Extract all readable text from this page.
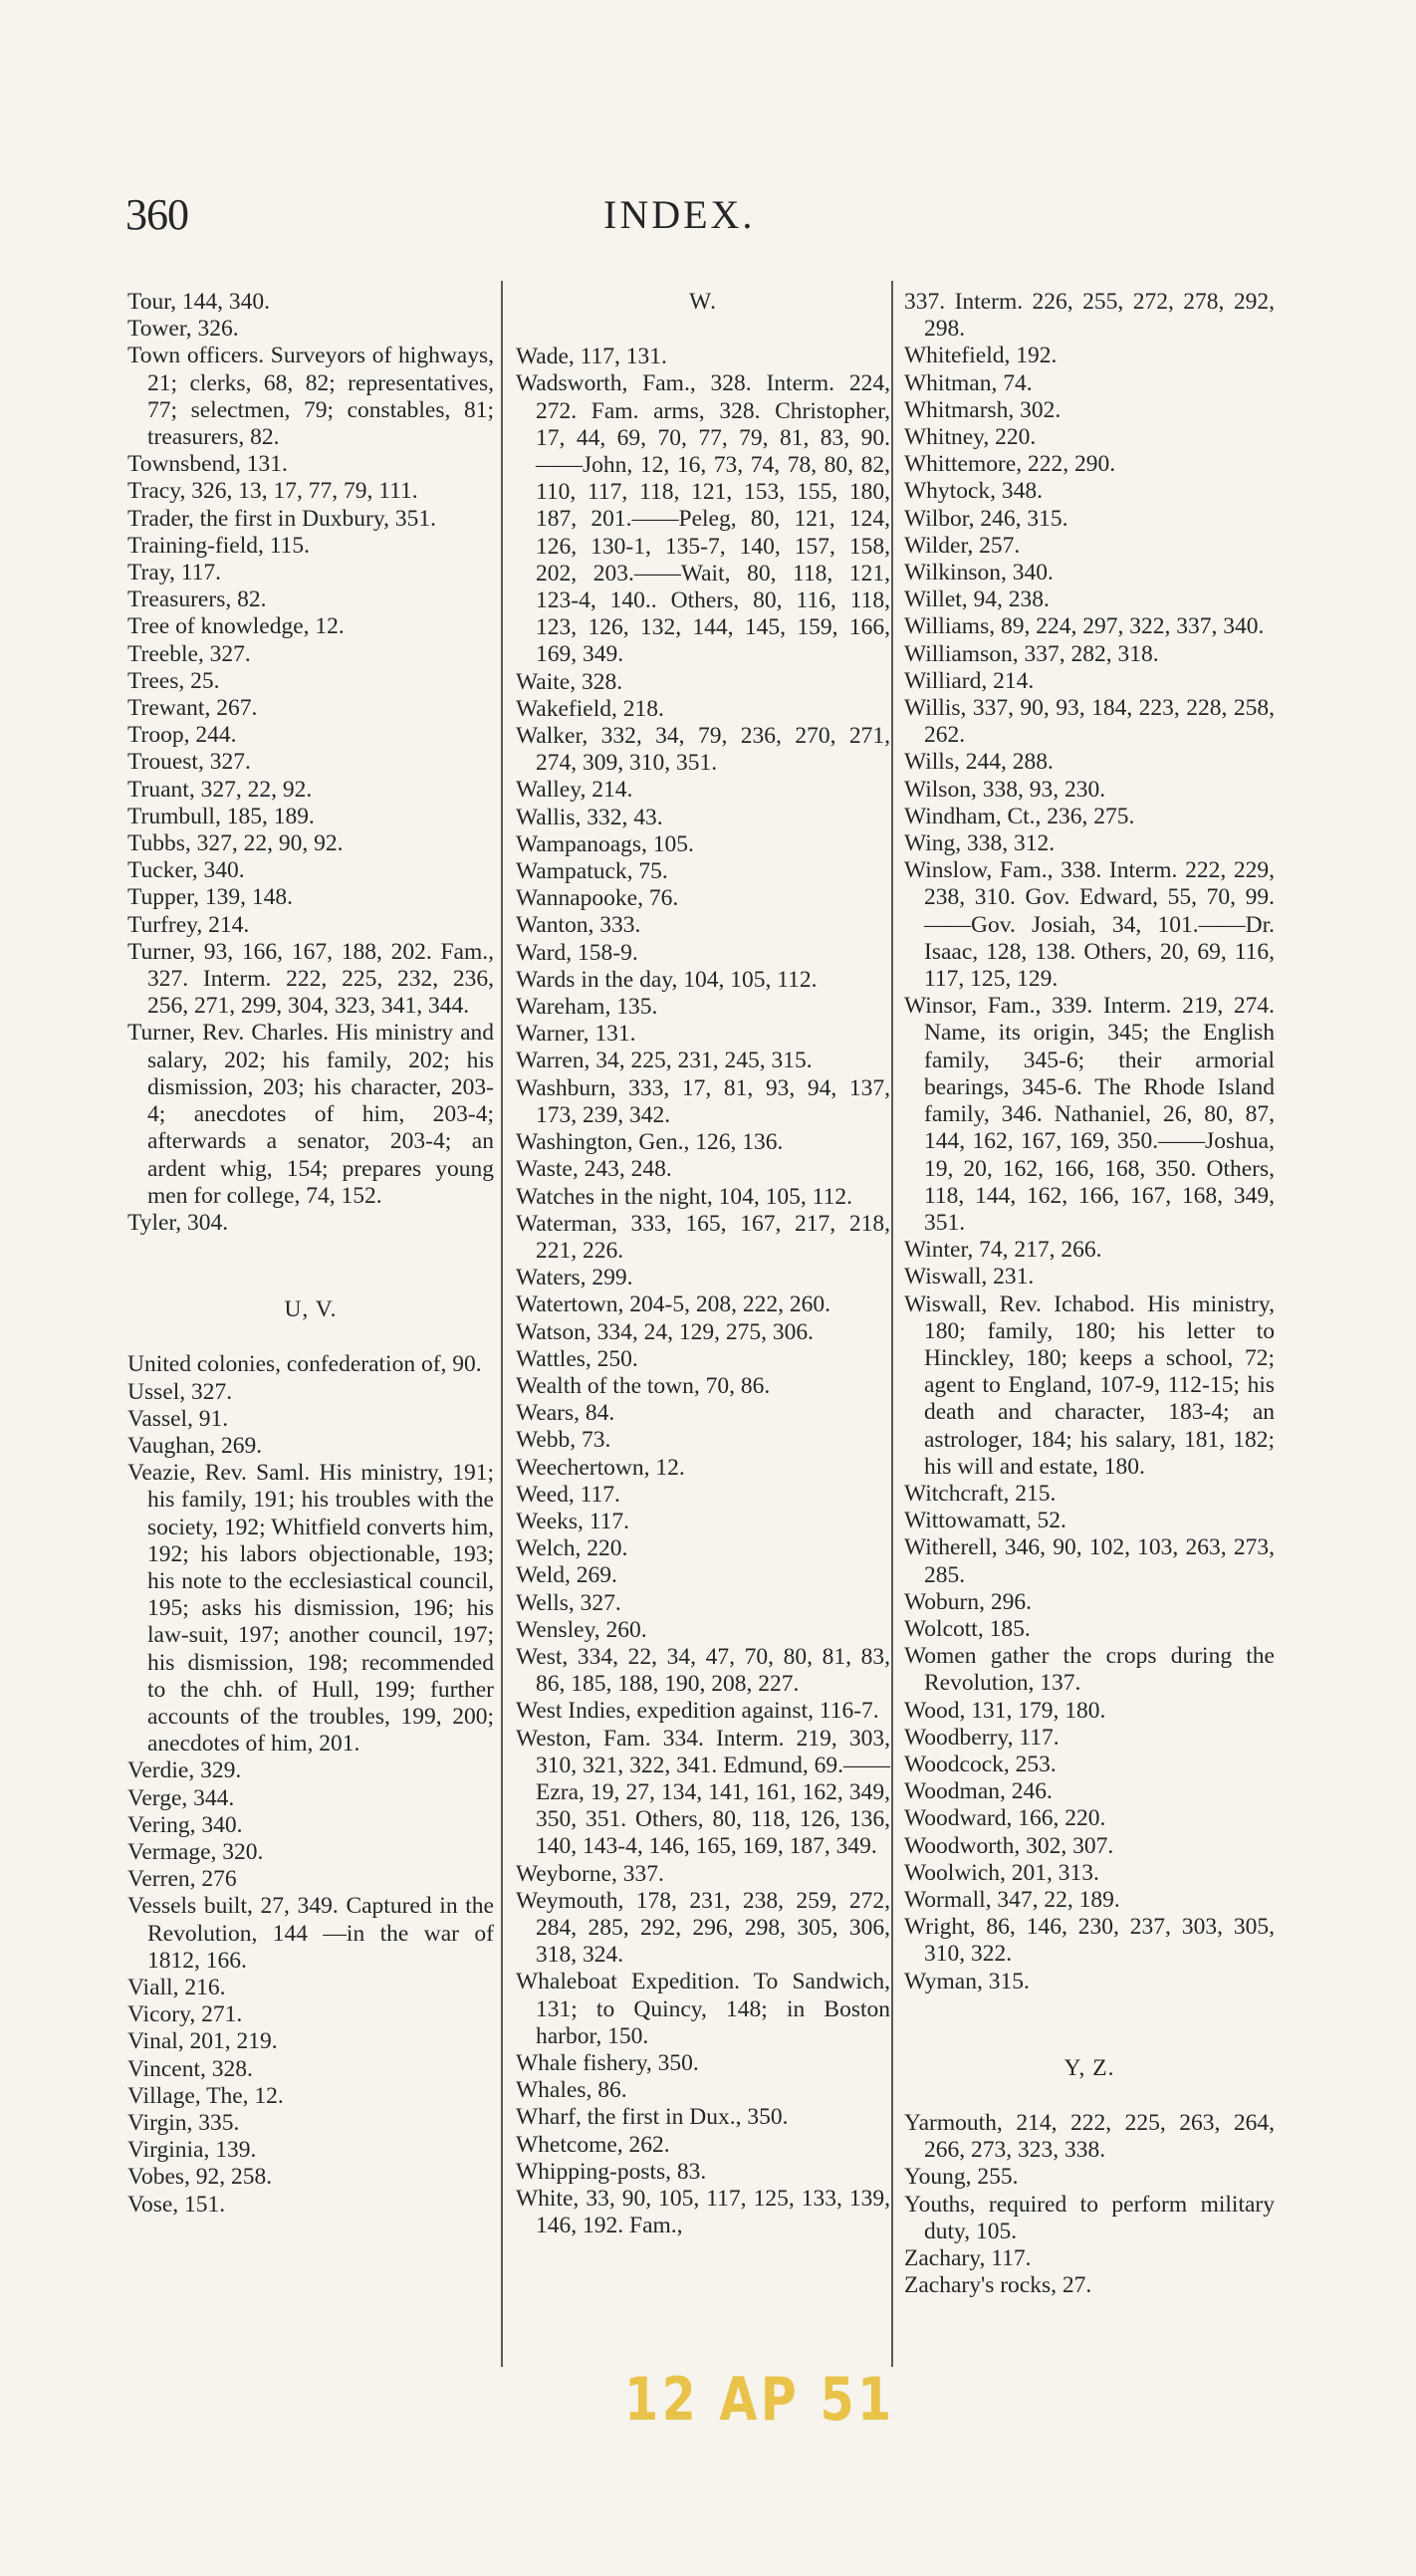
360	INDEX.

Tour, 144, 340.

Tower, 326.

Town officers. Surveyors of highways, 21; clerks, 68, 82; representatives, 77; selectmen, 79; constables, 81; treasurers, 82.

Townsbend, 131.

Tracy, 326, 13, 17, 77, 79, 111.

Trader, the first in Duxbury, 351.

Training-field, 115.

Tray, 117.

Treasurers, 82.

Tree of knowledge, 12.

Treeble, 327.

Trees, 25.

Trewant, 267.

Troop, 244.

Trouest, 327.

Truant, 327, 22, 92.

Trumbull, 185, 189.

Tubbs, 327, 22, 90, 92.

Tucker, 340.

Tupper, 139, 148.

Turfrey, 214.

Turner, 93, 166, 167, 188, 202. Fam., 327. Interm. 222, 225, 232, 236, 256, 271, 299, 304, 323, 341, 344.

Turner, Rev. Charles. His ministry and salary, 202; his family, 202; his dismission, 203; his character, 203-4; anecdotes of him, 203-4; afterwards a senator, 203-4; an ardent whig, 154; prepares young men for college, 74, 152.

Tyler, 304.

U, V.

United colonies, confederation of, 90.

Ussel, 327.

Vassel, 91.

Vaughan, 269.

Veazie, Rev. Saml. His ministry, 191; his family, 191; his troubles with the society, 192; Whitfield converts him, 192; his labors objectionable, 193; his note to the ecclesiastical council, 195; asks his dismission, 196; his law-suit, 197; another council, 197; his dismission, 198; recommended to the chh. of Hull, 199; further accounts of the troubles, 199, 200; anecdotes of him, 201.

Verdie, 329.

Verge, 344.

Vering, 340.

Vermage, 320.

Verren, 276

Vessels built, 27, 349. Captured in the Revolution, 144 —in the war of 1812, 166.

Viall, 216.

Vicory, 271.

Vinal, 201, 219.

Vincent, 328.

Village, The, 12.

Virgin, 335.

Virginia, 139.

Vobes, 92, 258.

Vose, 151.

W.

Wade, 117, 131.

Wadsworth, Fam., 328. Interm. 224, 272. Fam. arms, 328. Christopher, 17, 44, 69, 70, 77, 79, 81, 83, 90.——John, 12, 16, 73, 74, 78, 80, 82, 110, 117, 118, 121, 153, 155, 180, 187, 201.——Peleg, 80, 121, 124, 126, 130-1, 135-7, 140, 157, 158, 202, 203.——Wait, 80, 118, 121, 123-4, 140.. Others, 80, 116, 118, 123, 126, 132, 144, 145, 159, 166, 169, 349.

Waite, 328.

Wakefield, 218.

Walker, 332, 34, 79, 236, 270, 271, 274, 309, 310, 351.

Walley, 214.

Wallis, 332, 43.

Wampanoags, 105.

Wampatuck, 75.

Wannapooke, 76.

Wanton, 333.

Ward, 158-9.

Wards in the day, 104, 105, 112.

Wareham, 135.

Warner, 131.

Warren, 34, 225, 231, 245, 315.

Washburn, 333, 17, 81, 93, 94, 137, 173, 239, 342.

Washington, Gen., 126, 136.

Waste, 243, 248.

Watches in the night, 104, 105, 112.

Waterman, 333, 165, 167, 217, 218, 221, 226.

Waters, 299.

Watertown, 204-5, 208, 222, 260.

Watson, 334, 24, 129, 275, 306.

Wattles, 250.

Wealth of the town, 70, 86.

Wears, 84.

Webb, 73.

Weechertown, 12.

Weed, 117.

Weeks, 117.

Welch, 220.

Weld, 269.

Wells, 327.

Wensley, 260.

West, 334, 22, 34, 47, 70, 80, 81, 83, 86, 185, 188, 190, 208, 227.

West Indies, expedition against, 116-7.

Weston, Fam. 334. Interm. 219, 303, 310, 321, 322, 341. Edmund, 69.——Ezra, 19, 27, 134, 141, 161, 162, 349, 350, 351. Others, 80, 118, 126, 136, 140, 143-4, 146, 165, 169, 187, 349.

Weyborne, 337.

Weymouth, 178, 231, 238, 259, 272, 284, 285, 292, 296, 298, 305, 306, 318, 324.

Whaleboat Expedition. To Sandwich, 131; to Quincy, 148; in Boston harbor, 150.

Whale fishery, 350.

Whales, 86.

Wharf, the first in Dux., 350.

Whetcome, 262.

Whipping-posts, 83.

White, 33, 90, 105, 117, 125, 133, 139, 146, 192. Fam.,

337. Interm. 226, 255, 272, 278, 292, 298.

Whitefield, 192.

Whitman, 74.

Whitmarsh, 302.

Whitney, 220.

Whittemore, 222, 290.

Whytock, 348.

Wilbor, 246, 315.

Wilder, 257.

Wilkinson, 340.

Willet, 94, 238.

Williams, 89, 224, 297, 322, 337, 340.

Williamson, 337, 282, 318.

Williard, 214.

Willis, 337, 90, 93, 184, 223, 228, 258, 262.

Wills, 244, 288.

Wilson, 338, 93, 230.

Windham, Ct., 236, 275.

Wing, 338, 312.

Winslow, Fam., 338. Interm. 222, 229, 238, 310. Gov. Edward, 55, 70, 99.——Gov. Josiah, 34, 101.——Dr. Isaac, 128, 138. Others, 20, 69, 116, 117, 125, 129.

Winsor, Fam., 339. Interm. 219, 274. Name, its origin, 345; the English family, 345-6; their armorial bearings, 345-6. The Rhode Island family, 346. Nathaniel, 26, 80, 87, 144, 162, 167, 169, 350.——Joshua, 19, 20, 162, 166, 168, 350. Others, 118, 144, 162, 166, 167, 168, 349, 351.

Winter, 74, 217, 266.

Wiswall, 231.

Wiswall, Rev. Ichabod. His ministry, 180; family, 180; his letter to Hinckley, 180; keeps a school, 72; agent to England, 107-9, 112-15; his death and character, 183-4; an astrologer, 184; his salary, 181, 182; his will and estate, 180.

Witchcraft, 215.

Wittowamatt, 52.

Witherell, 346, 90, 102, 103, 263, 273, 285.

Woburn, 296.

Wolcott, 185.

Women gather the crops during the Revolution, 137.

Wood, 131, 179, 180.

Woodberry, 117.

Woodcock, 253.

Woodman, 246.

Woodward, 166, 220.

Woodworth, 302, 307.

Woolwich, 201, 313.

Wormall, 347, 22, 189.

Wright, 86, 146, 230, 237, 303, 305, 310, 322.

Wyman, 315.

Y, Z.

Yarmouth, 214, 222, 225, 263, 264, 266, 273, 323, 338.

Young, 255.

Youths, required to perform military duty, 105.

Zachary, 117.

Zachary's rocks, 27.

12 AP 51
